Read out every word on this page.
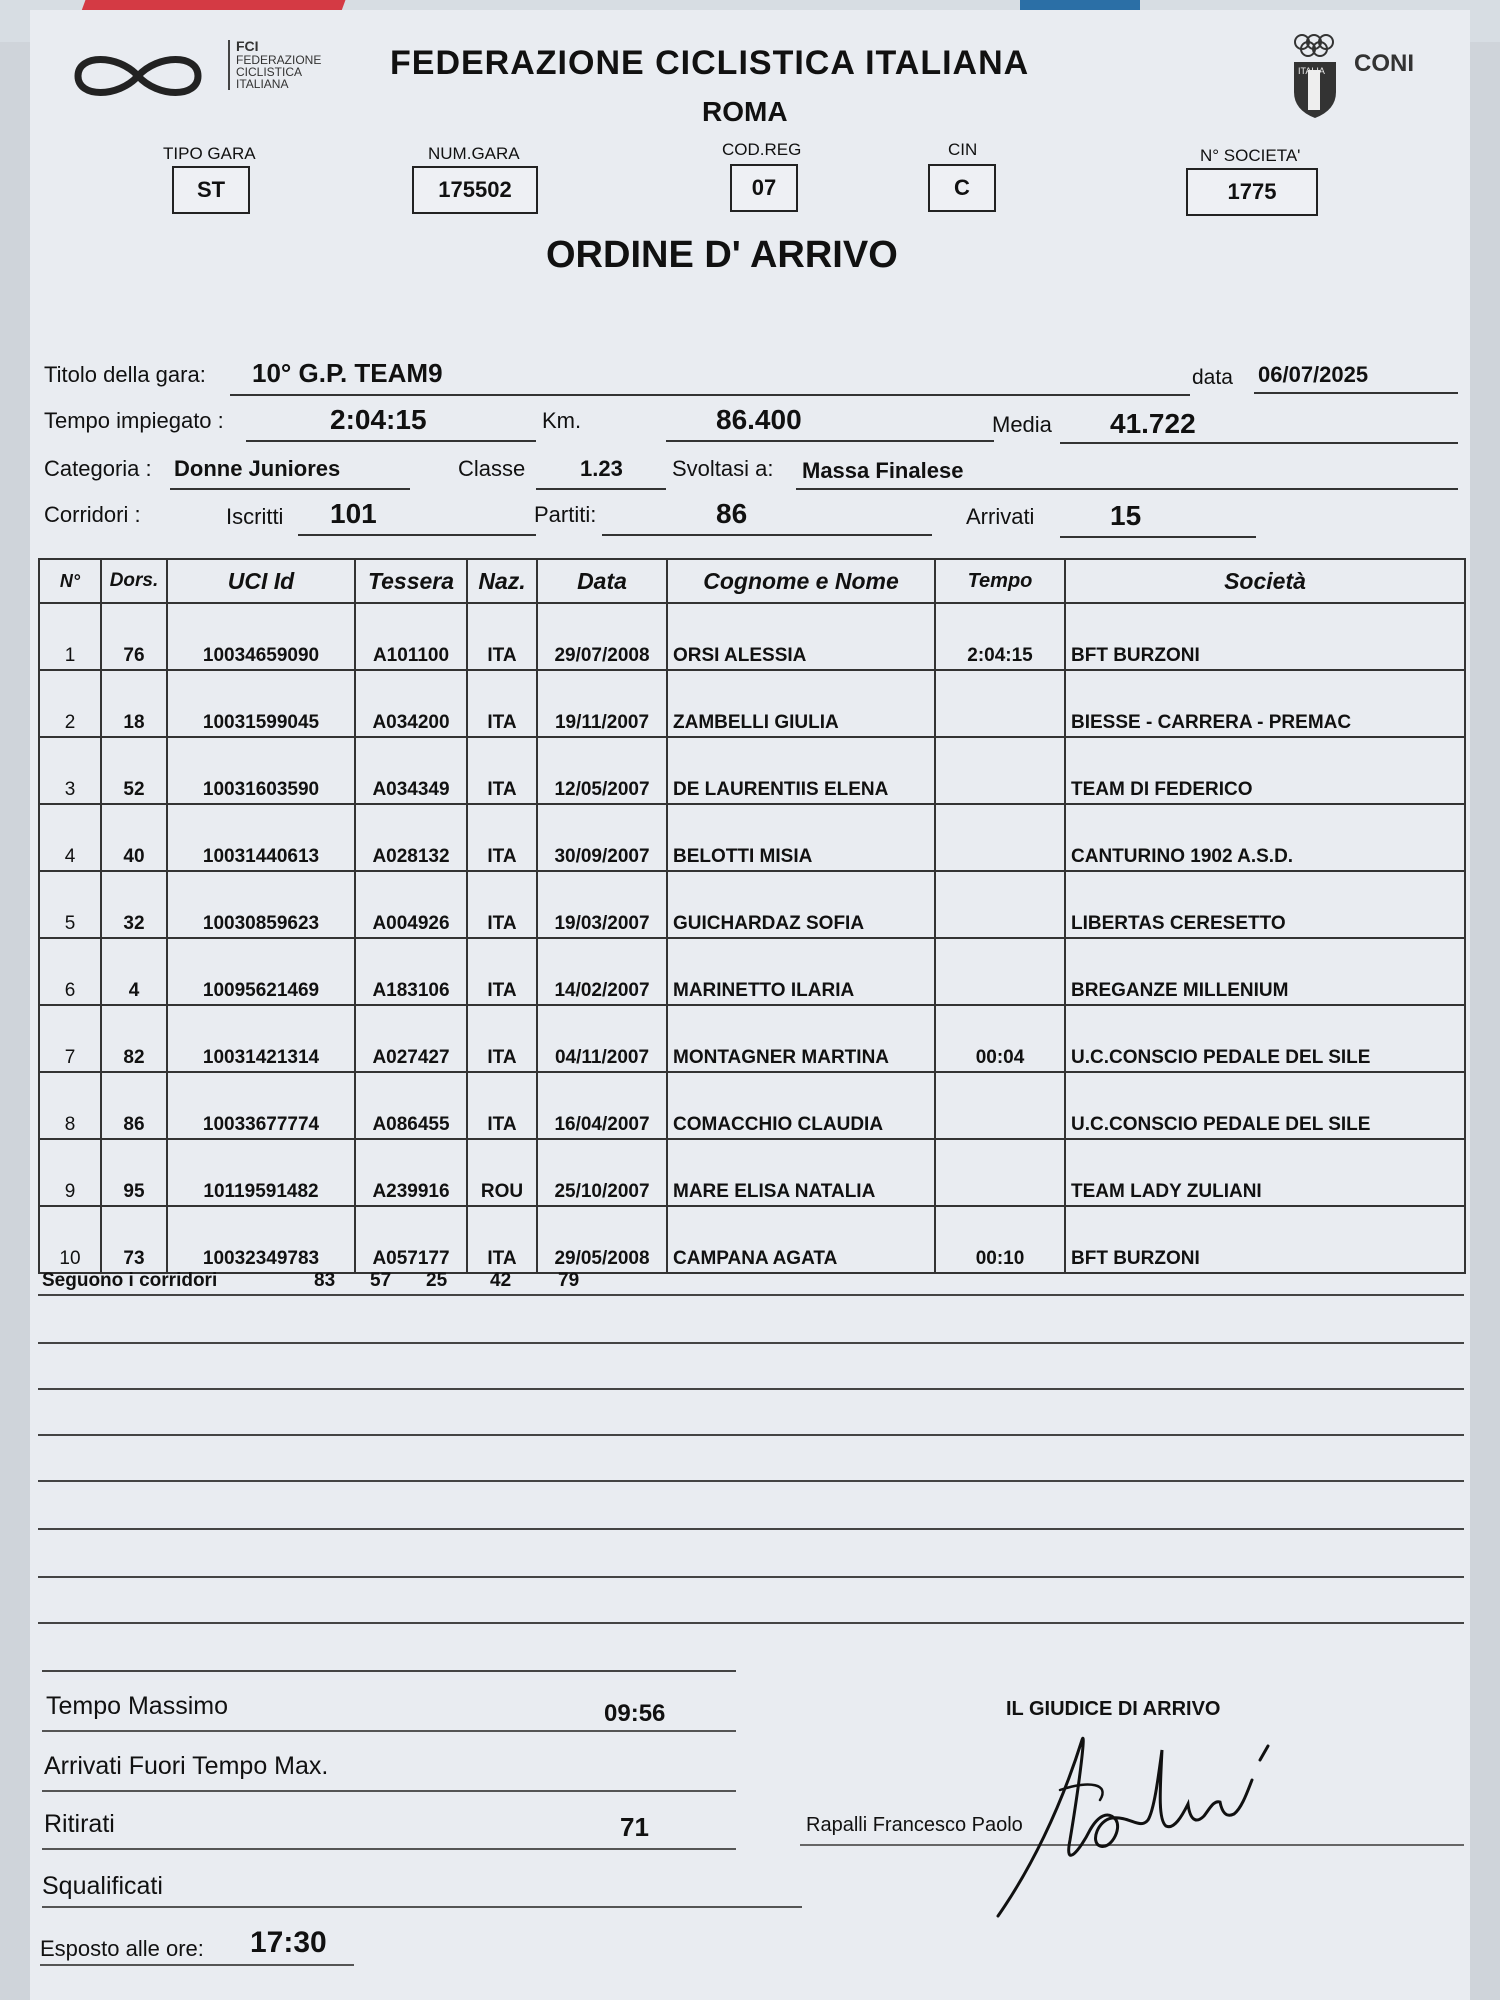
FCI
FEDERAZIONE
CICLISTICA
ITALIANA
FEDERAZIONE CICLISTICA ITALIANA
ROMA
ITALIA CONI
TIPO GARA
ST
NUM.GARA
175502
COD.REG
07
CIN
C
N° SOCIETA'
1775
ORDINE D' ARRIVO
Titolo della gara: 10° G.P. TEAM9	data 06/07/2025
Tempo impiegato :	2:04:15	Km.	86.400	Media 41.722
Categoria : Donne Juniores	Classe 1.23 Svoltasi a: Massa Finalese
Corridori :	Iscritti 101	Partiti:	86	Arrivati	15
N°	Dors.	UCI Id	Tessera	Naz.	Data	Cognome e Nome	Tempo	Società
1	76	10034659090	A101100	ITA	29/07/2008	ORSI ALESSIA	2:04:15	BFT BURZONI
2	18	10031599045	A034200	ITA	19/11/2007	ZAMBELLI GIULIA		BIESSE - CARRERA - PREMAC
3	52	10031603590	A034349	ITA	12/05/2007	DE LAURENTIIS ELENA		TEAM DI FEDERICO
4	40	10031440613	A028132	ITA	30/09/2007	BELOTTI MISIA		CANTURINO 1902 A.S.D.
5	32	10030859623	A004926	ITA	19/03/2007	GUICHARDAZ SOFIA		LIBERTAS CERESETTO
6	4	10095621469	A183106	ITA	14/02/2007	MARINETTO ILARIA		BREGANZE MILLENIUM
7	82	10031421314	A027427	ITA	04/11/2007	MONTAGNER MARTINA	00:04	U.C.CONSCIO PEDALE DEL SILE
8	86	10033677774	A086455	ITA	16/04/2007	COMACCHIO CLAUDIA		U.C.CONSCIO PEDALE DEL SILE
9	95	10119591482	A239916	ROU	25/10/2007	MARE ELISA NATALIA		TEAM LADY ZULIANI
10	73	10032349783	A057177	ITA	29/05/2008	CAMPANA AGATA	00:10	BFT BURZONI
Seguono i corridori	83 57 25 42 79
Tempo Massimo	09:56
Arrivati Fuori Tempo Max.
Ritirati	71
Squalificati
Esposto alle ore: 17:30
IL GIUDICE DI ARRIVO
Rapalli Francesco Paolo
